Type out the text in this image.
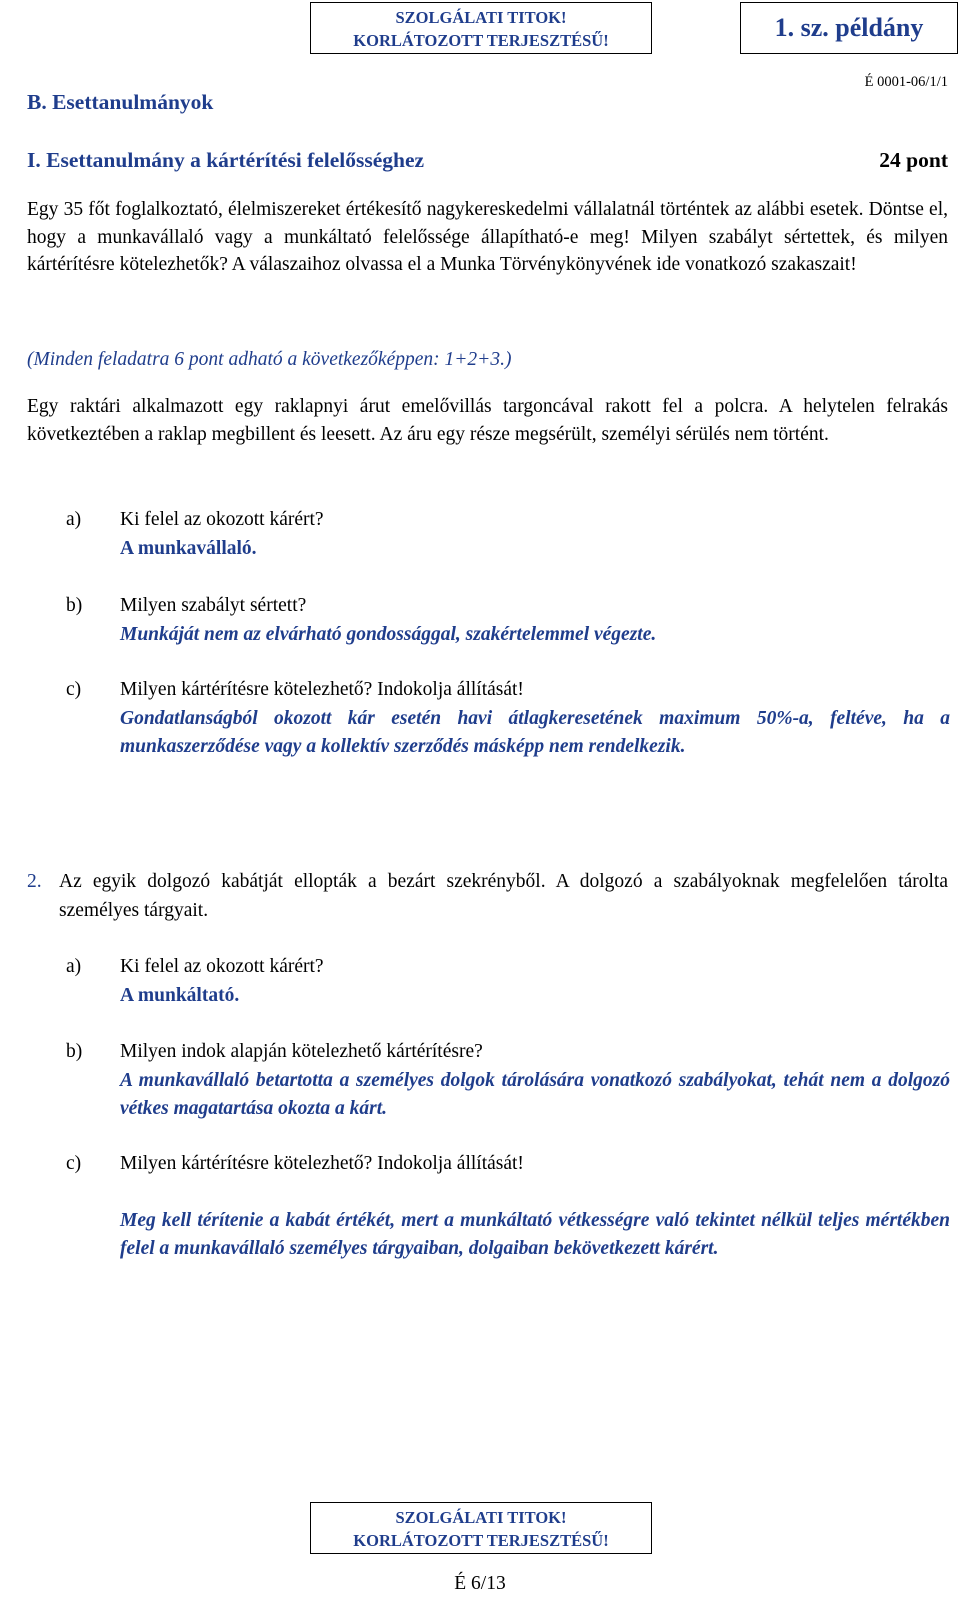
SZOLGÁLATI TITOK!
KORLÁTOZOTT TERJESZTÉSŰ!	1. sz. példány
É 0001-06/1/1
B. Esettanulmányok
I. Esettanulmány a kártérítési felelősséghez	24 pont

Egy 35 főt foglalkoztató, élelmiszereket értékesítő nagykereskedelmi vállalatnál történtek az alábbi esetek. Döntse el, hogy a munkavállaló vagy a munkáltató felelőssége állapítható-e meg! Milyen szabályt sértettek, és milyen kártérítésre kötelezhetők? A válaszaihoz olvassa el a Munka Törvénykönyvének ide vonatkozó szakaszait!

(Minden feladatra 6 pont adható a következőképpen: 1+2+3.)

Egy raktári alkalmazott egy raklapnyi árut emelővillás targoncával rakott fel a polcra. A helytelen felrakás következtében a raklap megbillent és leesett. Az áru egy része megsérült, személyi sérülés nem történt.

a) Ki felel az okozott kárért?
A munkavállaló.
b) Milyen szabályt sértett?
Munkáját nem az elvárható gondossággal, szakértelemmel végezte.
c) Milyen kártérítésre kötelezhető? Indokolja állítását!
Gondatlanságból okozott kár esetén havi átlagkeresetének maximum 50%-a, feltéve, ha a munkaszerződése vagy a kollektív szerződés másképp nem rendelkezik.
2. Az egyik dolgozó kabátját ellopták a bezárt szekrényből. A dolgozó a szabályoknak megfelelően tárolta személyes tárgyait.
a) Ki felel az okozott kárért?
A munkáltató.
b) Milyen indok alapján kötelezhető kártérítésre?
A munkavállaló betartotta a személyes dolgok tárolására vonatkozó szabályokat, tehát nem a dolgozó vétkes magatartása okozta a kárt.
c) Milyen kártérítésre kötelezhető? Indokolja állítását!
Meg kell térítenie a kabát értékét, mert a munkáltató vétkességre való tekintet nélkül teljes mértékben felel a munkavállaló személyes tárgyaiban, dolgaiban bekövetkezett kárért.
SZOLGÁLATI TITOK!
KORLÁTOZOTT TERJESZTÉSŰ!
É 6/13
